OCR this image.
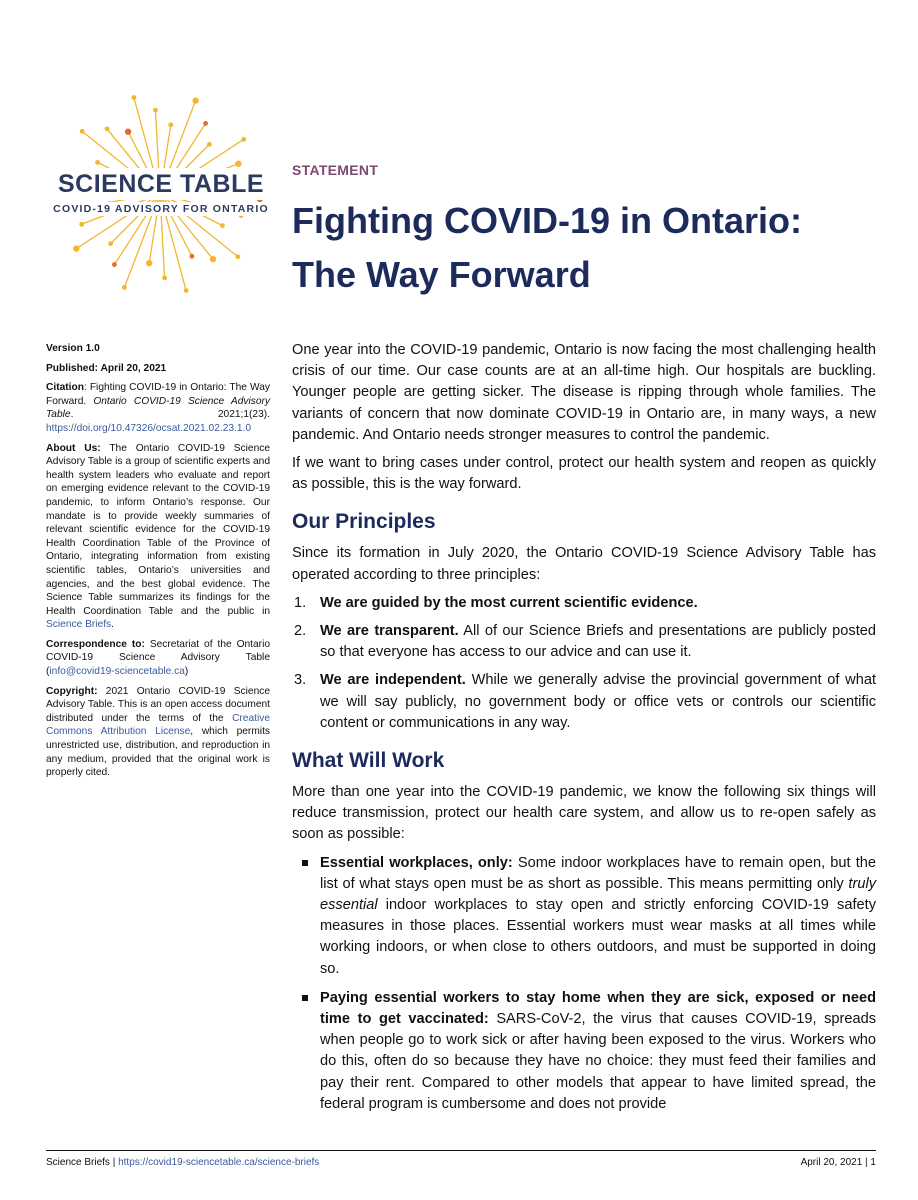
SCIENCE TABLE
COVID-19 ADVISORY FOR ONTARIO
STATEMENT
Fighting COVID-19 in Ontario:
The Way Forward

Version 1.0

Published: April 20, 2021

Citation: Fighting COVID-19 in Ontario: The Way Forward. Ontario COVID-19 Science Advisory Table. 2021;1(23). https://doi.org/10.47326/ocsat.2021.02.23.1.0

About Us: The Ontario COVID-19 Science Advisory Table is a group of scientific experts and health system leaders who evaluate and report on emerging evidence relevant to the COVID-19 pandemic, to inform Ontario’s response. Our mandate is to provide weekly summaries of relevant scientific evidence for the COVID-19 Health Coordination Table of the Province of Ontario, integrating information from existing scientific tables, Ontario’s universities and agencies, and the best global evidence. The Science Table summarizes its findings for the Health Coordination Table and the public in Science Briefs.

Correspondence to: Secretariat of the Ontario COVID-19 Science Advisory Table (info@covid19-sciencetable.ca)

Copyright: 2021 Ontario COVID-19 Science Advisory Table. This is an open access document distributed under the terms of the Creative Commons Attribution License, which permits unrestricted use, distribution, and reproduction in any medium, provided that the original work is properly cited.

One year into the COVID-19 pandemic, Ontario is now facing the most challenging health crisis of our time. Our case counts are at an all-time high. Our hospitals are buckling. Younger people are getting sicker. The disease is ripping through whole families. The variants of concern that now dominate COVID-19 in Ontario are, in many ways, a new pandemic. And Ontario needs stronger measures to control the pandemic.

If we want to bring cases under control, protect our health system and reopen as quickly as possible, this is the way forward.

Our Principles

Since its formation in July 2020, the Ontario COVID-19 Science Advisory Table has operated according to three principles:

1. We are guided by the most current scientific evidence.
2. We are transparent. All of our Science Briefs and presentations are publicly posted so that everyone has access to our advice and can use it.
3. We are independent. While we generally advise the provincial government of what we will say publicly, no government body or office vets or controls our scientific content or communications in any way.
What Will Work

More than one year into the COVID-19 pandemic, we know the following six things will reduce transmission, protect our health care system, and allow us to re-open safely as soon as possible:

Essential workplaces, only: Some indoor workplaces have to remain open, but the list of what stays open must be as short as possible. This means permitting only truly essential indoor workplaces to stay open and strictly enforcing COVID-19 safety measures in those places. Essential workers must wear masks at all times while working indoors, or when close to others outdoors, and must be supported in doing so.
Paying essential workers to stay home when they are sick, exposed or need time to get vaccinated: SARS-CoV-2, the virus that causes COVID-19, spreads when people go to work sick or after having been exposed to the virus. Workers who do this, often do so because they have no choice: they must feed their families and pay their rent. Compared to other models that appear to have limited spread, the federal program is cumbersome and does not provide
Science Briefs | https://covid19-sciencetable.ca/science-briefs	April 20, 2021 | 1
